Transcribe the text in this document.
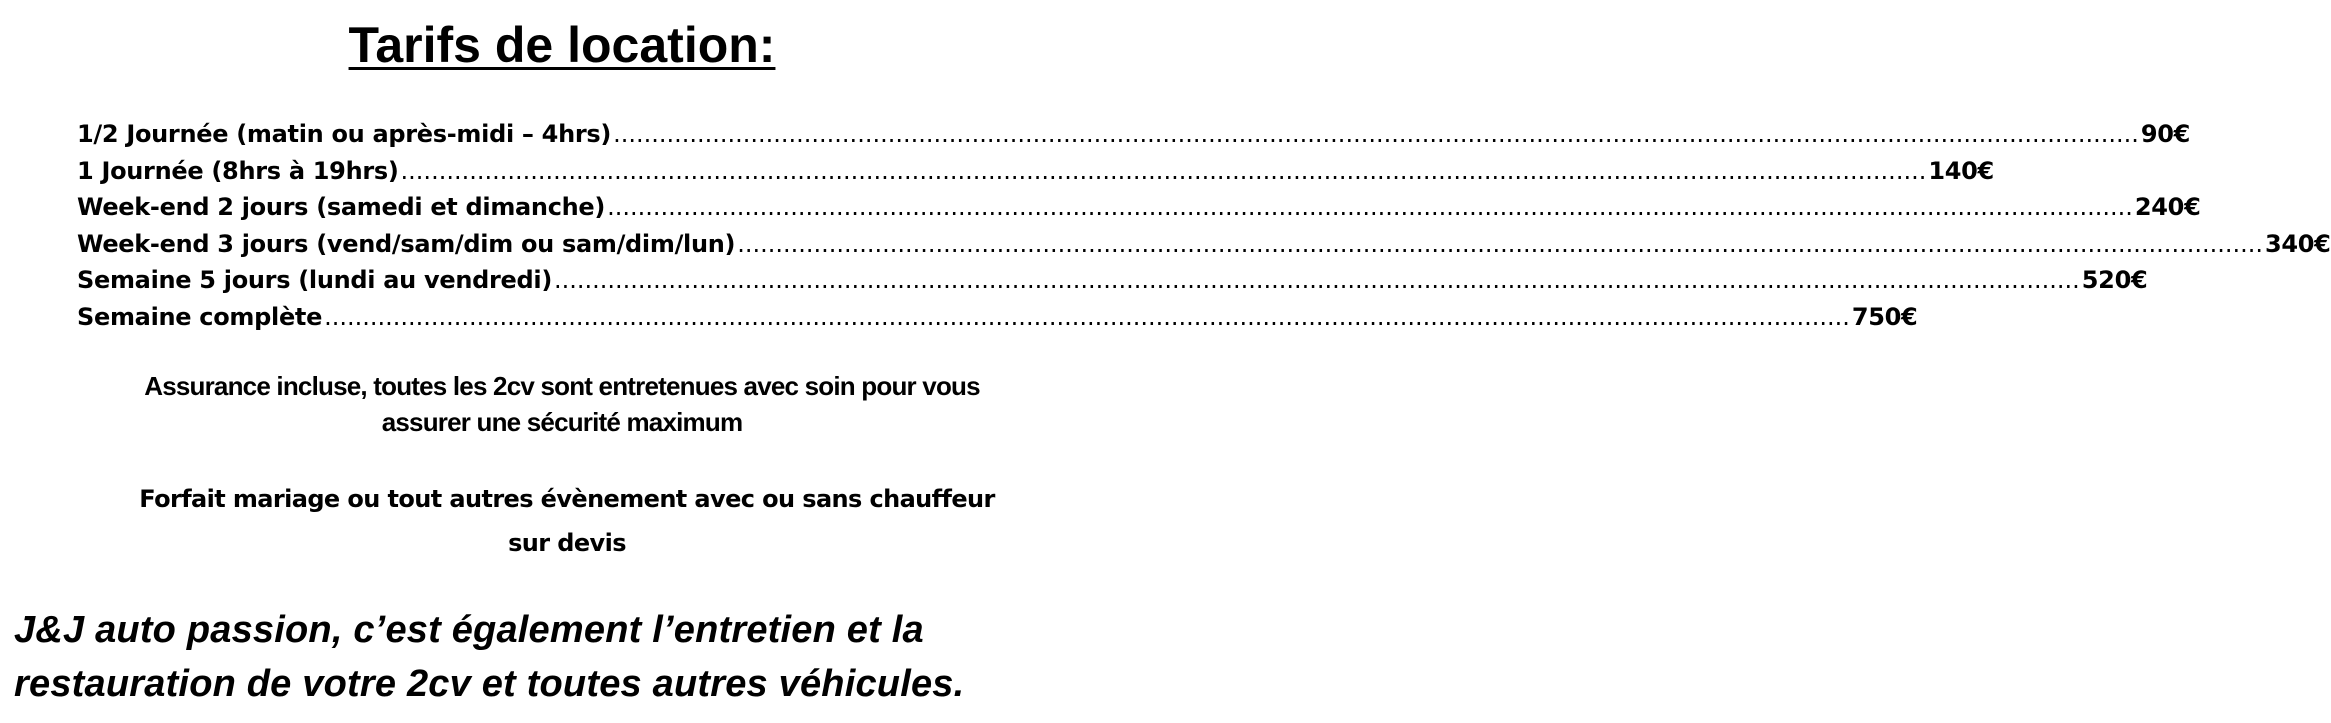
Tarifs de location:
1/2 Journée (matin ou après-midi – 4hrs) ........................................................................................................................................................................................................ 90€
1 Journée (8hrs à 19hrs) ........................................................................................................................................................................................................ 140€
Week-end 2 jours (samedi et dimanche) ........................................................................................................................................................................................................ 240€
Week-end 3 jours (vend/sam/dim ou sam/dim/lun) ........................................................................................................................................................................................................ 340€
Semaine 5 jours (lundi au vendredi) ........................................................................................................................................................................................................ 520€
Semaine complète ........................................................................................................................................................................................................ 750€

Assurance incluse, toutes les 2cv sont entretenues avec soin pour vous
assurer une sécurité maximum

Forfait mariage ou tout autres évènement avec ou sans chauffeur
sur devis

J&J auto passion, c’est également l’entretien et la
restauration de votre 2cv et toutes autres véhicules.
